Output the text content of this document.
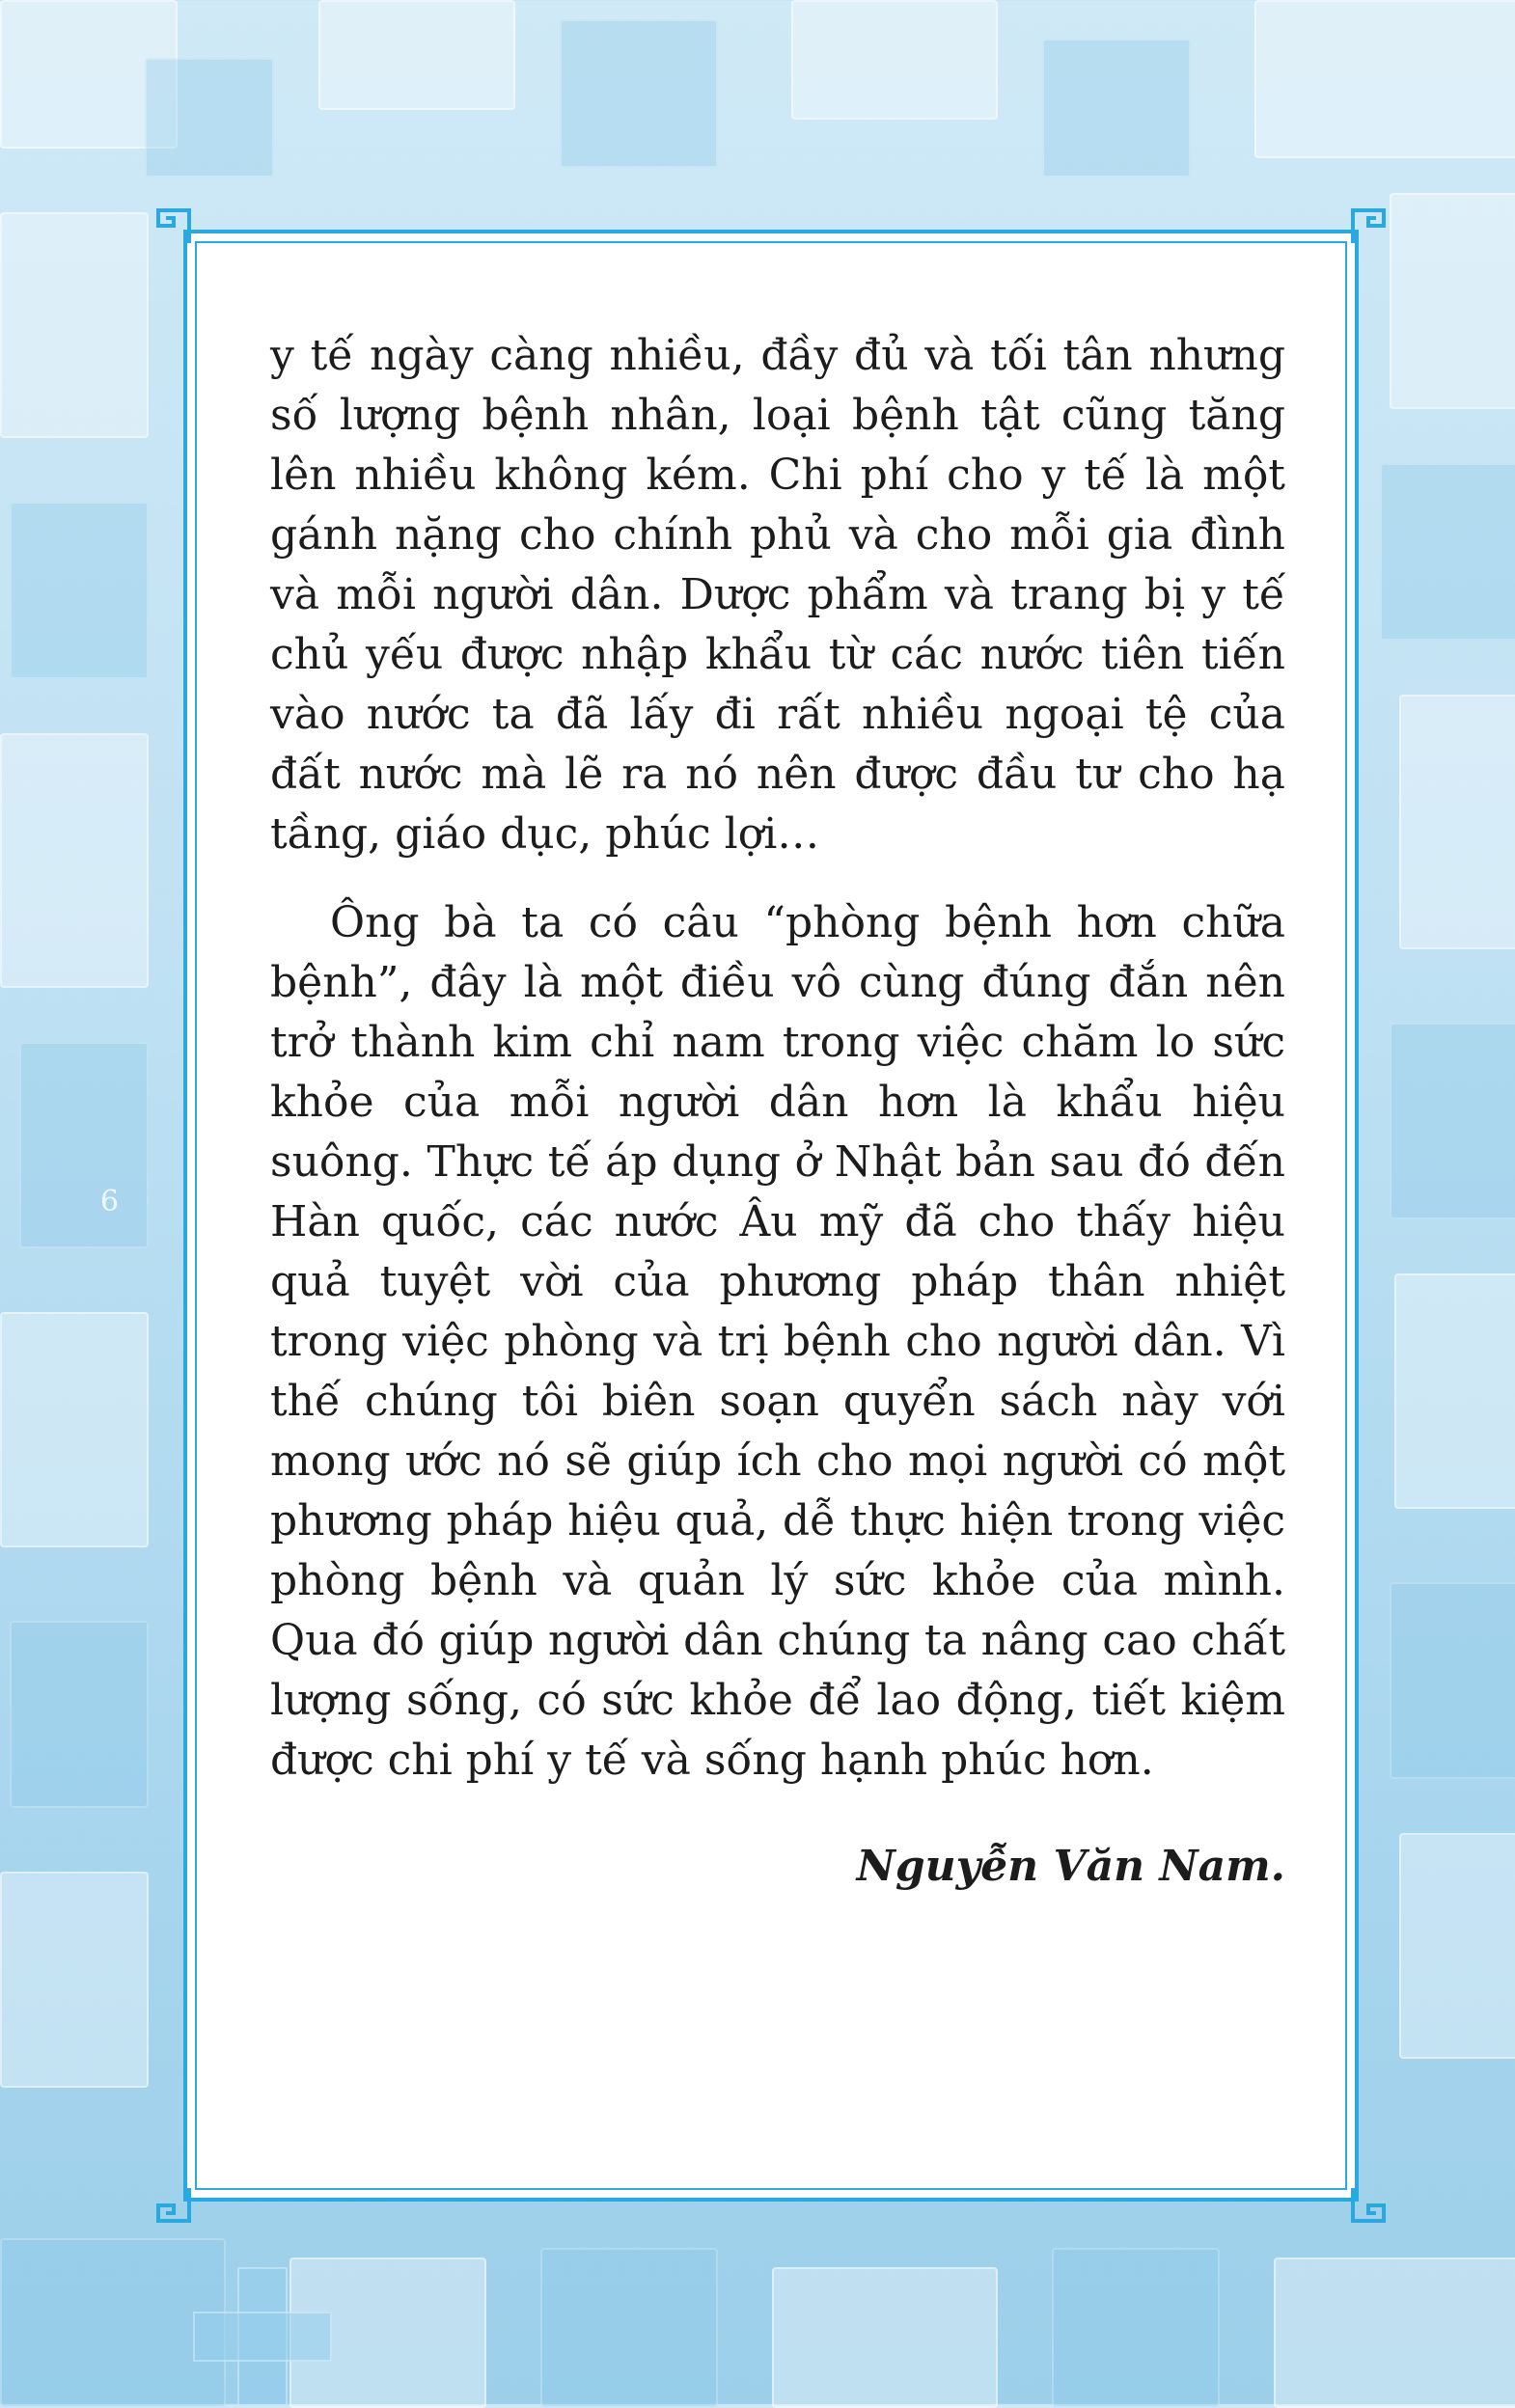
6

y tế ngày càng nhiều, đầy đủ và tối tân nhưng số lượng bệnh nhân, loại bệnh tật cũng tăng lên nhiều không kém. Chi phí cho y tế là một gánh nặng cho chính phủ và cho mỗi gia đình và mỗi người dân. Dược phẩm và trang bị y tế chủ yếu được nhập khẩu từ các nước tiên tiến vào nước ta đã lấy đi rất nhiều ngoại tệ của đất nước mà lẽ ra nó nên được đầu tư cho hạ tầng, giáo dục, phúc lợi…

Ông bà ta có câu “phòng bệnh hơn chữa bệnh”, đây là một điều vô cùng đúng đắn nên trở thành kim chỉ nam trong việc chăm lo sức khỏe của mỗi người dân hơn là khẩu hiệu suông. Thực tế áp dụng ở Nhật bản sau đó đến Hàn quốc, các nước Âu mỹ đã cho thấy hiệu quả tuyệt vời của phương pháp thân nhiệt trong việc phòng và trị bệnh cho người dân. Vì thế chúng tôi biên soạn quyển sách này với mong ước nó sẽ giúp ích cho mọi người có một phương pháp hiệu quả, dễ thực hiện trong việc phòng bệnh và quản lý sức khỏe của mình. Qua đó giúp người dân chúng ta nâng cao chất lượng sống, có sức khỏe để lao động, tiết kiệm được chi phí y tế và sống hạnh phúc hơn.

Nguyễn Văn Nam.
